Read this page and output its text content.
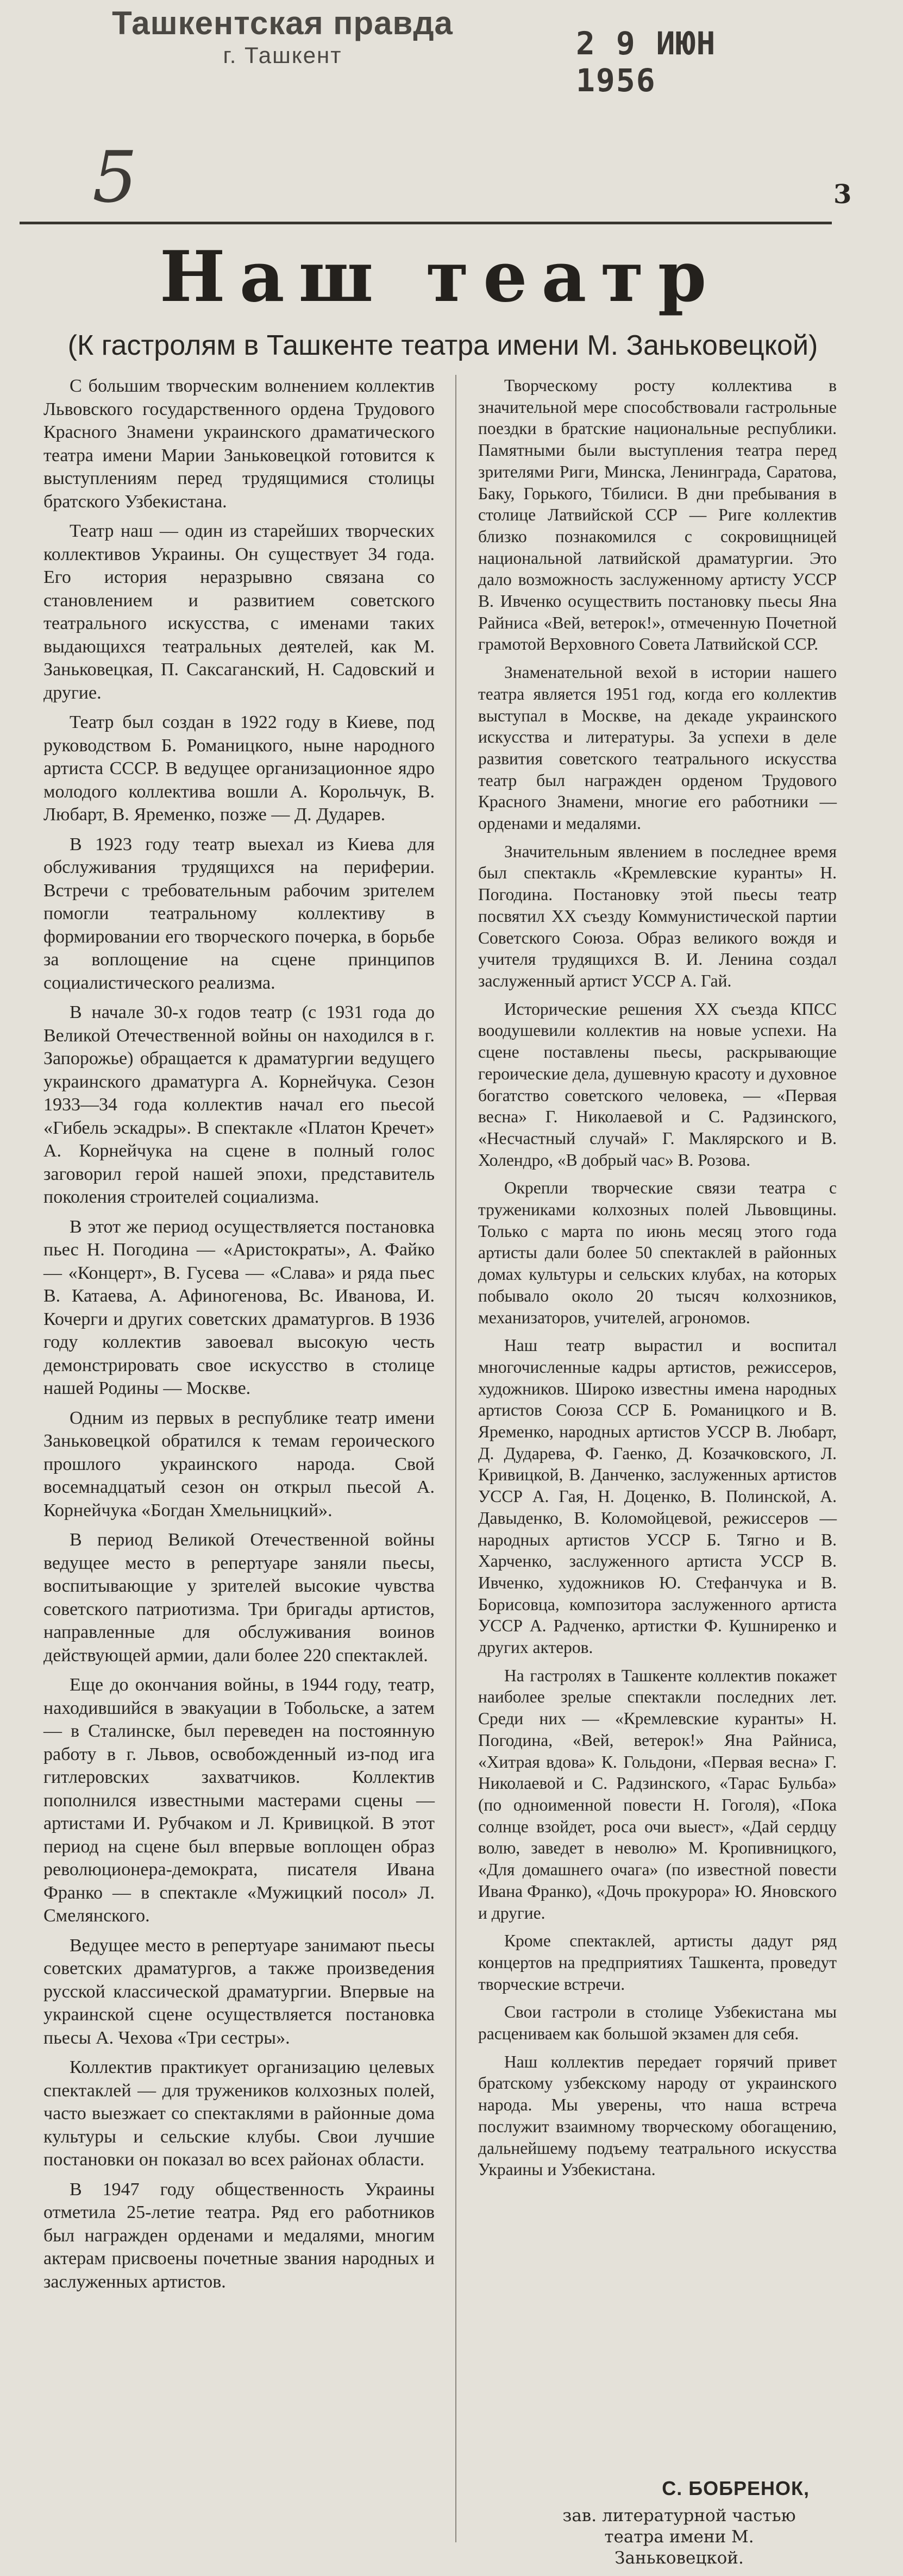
Ташкентская правда
г. Ташкент	2 9 ИЮН 1956
5	3
Наш театр
(К гастролям в Ташкенте театра имени М. Заньковецкой)

С большим творческим волнением коллектив Львовского государственного ордена Трудового Красного Знамени украинского драматического театра имени Марии Заньковецкой готовится к выступлениям перед трудящимися столицы братского Узбекистана.

Театр наш — один из старейших творческих коллективов Украины. Он существует 34 года. Его история неразрывно связана со становлением и развитием советского театрального искусства, с именами таких выдающихся театральных деятелей, как М. Заньковецкая, П. Саксаганский, Н. Садовский и другие.

Театр был создан в 1922 году в Киеве, под руководством Б. Романицкого, ныне народного артиста СССР. В ведущее организационное ядро молодого коллектива вошли А. Корольчук, В. Любарт, В. Яременко, позже — Д. Дударев.

В 1923 году театр выехал из Киева для обслуживания трудящихся на периферии. Встречи с требовательным рабочим зрителем помогли театральному коллективу в формировании его творческого почерка, в борьбе за воплощение на сцене принципов социалистического реализма.

В начале 30-х годов театр (с 1931 года до Великой Отечественной войны он находился в г. Запорожье) обращается к драматургии ведущего украинского драматурга А. Корнейчука. Сезон 1933—34 года коллектив начал его пьесой «Гибель эскадры». В спектакле «Платон Кречет» А. Корнейчука на сцене в полный голос заговорил герой нашей эпохи, представитель поколения строителей социализма.

В этот же период осуществляется постановка пьес Н. Погодина — «Аристократы», А. Файко — «Концерт», В. Гусева — «Слава» и ряда пьес В. Катаева, А. Афиногенова, Вс. Иванова, И. Кочерги и других советских драматургов. В 1936 году коллектив завоевал высокую честь демонстрировать свое искусство в столице нашей Родины — Москве.

Одним из первых в республике театр имени Заньковецкой обратился к темам героического прошлого украинского народа. Свой восемнадцатый сезон он открыл пьесой А. Корнейчука «Богдан Хмельницкий».

В период Великой Отечественной войны ведущее место в репертуаре заняли пьесы, воспитывающие у зрителей высокие чувства советского патриотизма. Три бригады артистов, направленные для обслуживания воинов действующей армии, дали более 220 спектаклей.

Еще до окончания войны, в 1944 году, театр, находившийся в эвакуации в Тобольске, а затем — в Сталинске, был переведен на постоянную работу в г. Львов, освобожденный из-под ига гитлеровских захватчиков. Коллектив пополнился известными мастерами сцены — артистами И. Рубчаком и Л. Кривицкой. В этот период на сцене был впервые воплощен образ революционера-демократа, писателя Ивана Франко — в спектакле «Мужицкий посол» Л. Смелянского.

Ведущее место в репертуаре занимают пьесы советских драматургов, а также произведения русской классической драматургии. Впервые на украинской сцене осуществляется постановка пьесы А. Чехова «Три сестры».

Коллектив практикует организацию целевых спектаклей — для тружеников колхозных полей, часто выезжает со спектаклями в районные дома культуры и сельские клубы. Свои лучшие постановки он показал во всех районах области.

В 1947 году общественность Украины отметила 25-летие театра. Ряд его работников был награжден орденами и медалями, многим актерам присвоены почетные звания народных и заслуженных артистов.

Творческому росту коллектива в значительной мере способствовали гастрольные поездки в братские национальные республики. Памятными были выступления театра перед зрителями Риги, Минска, Ленинграда, Саратова, Баку, Горького, Тбилиси. В дни пребывания в столице Латвийской ССР — Риге коллектив близко познакомился с сокровищницей национальной латвийской драматургии. Это дало возможность заслуженному артисту УССР В. Ивченко осуществить постановку пьесы Яна Райниса «Вей, ветерок!», отмеченную Почетной грамотой Верховного Совета Латвийской ССР.

Знаменательной вехой в истории нашего театра является 1951 год, когда его коллектив выступал в Москве, на декаде украинского искусства и литературы. За успехи в деле развития советского театрального искусства театр был награжден орденом Трудового Красного Знамени, многие его работники — орденами и медалями.

Значительным явлением в последнее время был спектакль «Кремлевские куранты» Н. Погодина. Постановку этой пьесы театр посвятил XX съезду Коммунистической партии Советского Союза. Образ великого вождя и учителя трудящихся В. И. Ленина создал заслуженный артист УССР А. Гай.

Исторические решения XX съезда КПСС воодушевили коллектив на новые успехи. На сцене поставлены пьесы, раскрывающие героические дела, душевную красоту и духовное богатство советского человека, — «Первая весна» Г. Николаевой и С. Радзинского, «Несчастный случай» Г. Маклярского и В. Холендро, «В добрый час» В. Розова.

Окрепли творческие связи театра с тружениками колхозных полей Львовщины. Только с марта по июнь месяц этого года артисты дали более 50 спектаклей в районных домах культуры и сельских клубах, на которых побывало около 20 тысяч колхозников, механизаторов, учителей, агрономов.

Наш театр вырастил и воспитал многочисленные кадры артистов, режиссеров, художников. Широко известны имена народных артистов Союза ССР Б. Романицкого и В. Яременко, народных артистов УССР В. Любарт, Д. Дударева, Ф. Гаенко, Д. Козачковского, Л. Кривицкой, В. Данченко, заслуженных артистов УССР А. Гая, Н. Доценко, В. Полинской, А. Давыденко, В. Коломойцевой, режиссеров — народных артистов УССР Б. Тягно и В. Харченко, заслуженного артиста УССР В. Ивченко, художников Ю. Стефанчука и В. Борисовца, композитора заслуженного артиста УССР А. Радченко, артистки Ф. Кушниренко и других актеров.

На гастролях в Ташкенте коллектив покажет наиболее зрелые спектакли последних лет. Среди них — «Кремлевские куранты» Н. Погодина, «Вей, ветерок!» Яна Райниса, «Хитрая вдова» К. Гольдони, «Первая весна» Г. Николаевой и С. Радзинского, «Тарас Бульба» (по одноименной повести Н. Гоголя), «Пока солнце взойдет, роса очи выест», «Дай сердцу волю, заведет в неволю» М. Кропивницкого, «Для домашнего очага» (по известной повести Ивана Франко), «Дочь прокурора» Ю. Яновского и другие.

Кроме спектаклей, артисты дадут ряд концертов на предприятиях Ташкента, проведут творческие встречи.

Свои гастроли в столице Узбекистана мы расцениваем как большой экзамен для себя.

Наш коллектив передает горячий привет братскому узбекскому народу от украинского народа. Мы уверены, что наша встреча послужит взаимному творческому обогащению, дальнейшему подъему театрального искусства Украины и Узбекистана.

С. БОБРЕНОК,
зав. литературной частью театра имени М. Заньковецкой.
